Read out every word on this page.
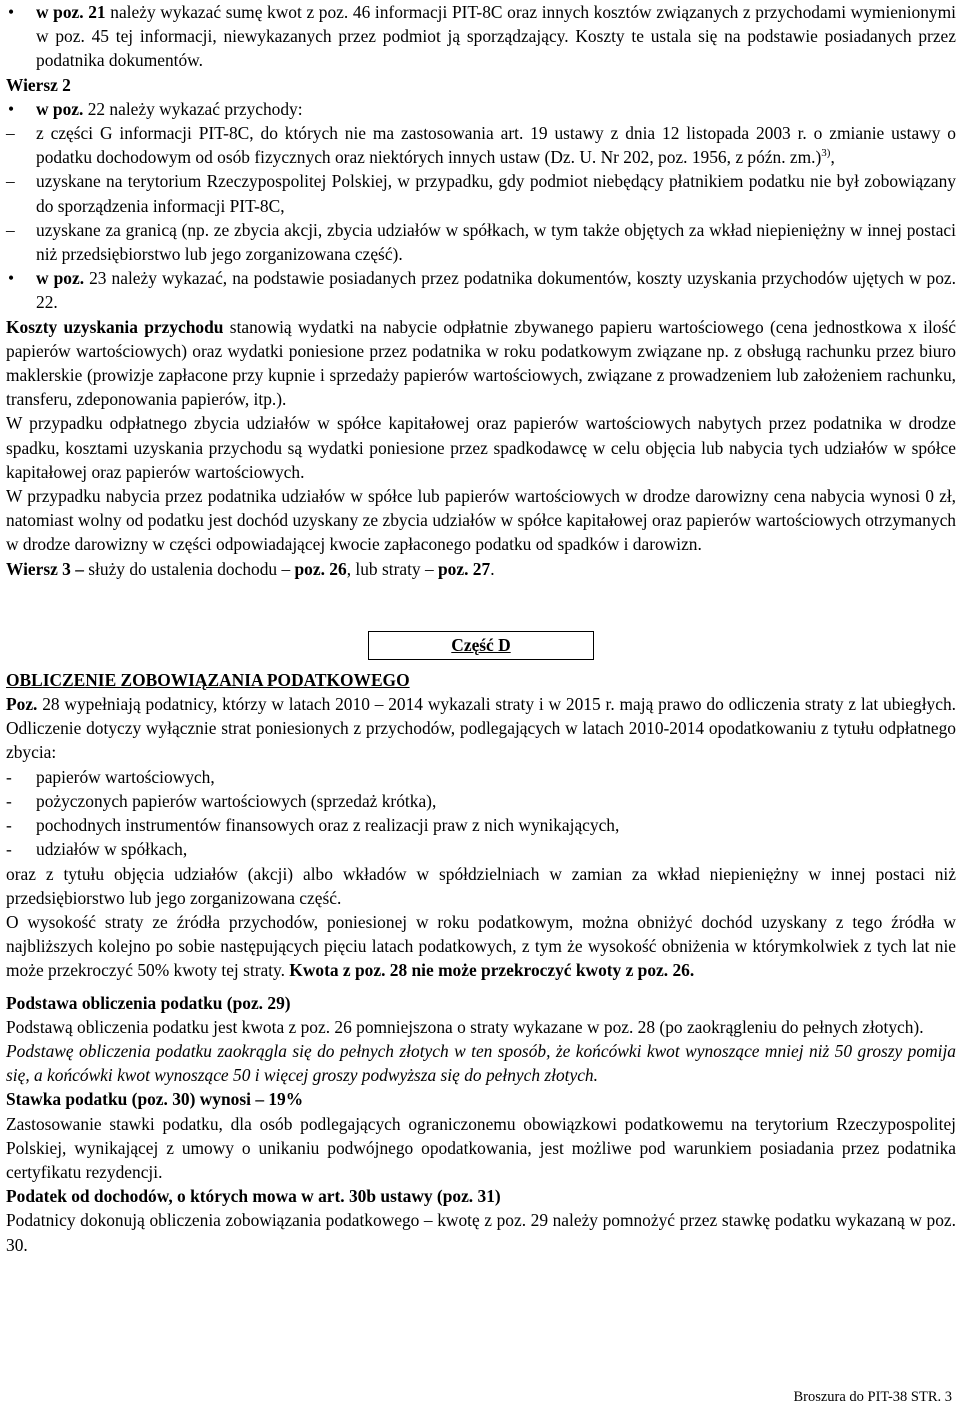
• w poz. 21 należy wykazać sumę kwot z poz. 46 informacji PIT-8C oraz innych kosztów związanych z przychodami wymienionymi w poz. 45 tej informacji, niewykazanych przez podmiot ją sporządzający. Koszty te ustala się na podstawie posiadanych przez podatnika dokumentów.

Wiersz 2

• w poz. 22 należy wykazać przychody:
–	z części G informacji PIT-8C, do których nie ma zastosowania art. 19 ustawy z dnia 12 listopada 2003 r. o zmianie ustawy o podatku dochodowym od osób fizycznych oraz niektórych innych ustaw (Dz. U. Nr 202, poz. 1956, z późn. zm.)$^{3)}$,
–	uzyskane na terytorium Rzeczypospolitej Polskiej, w przypadku, gdy podmiot niebędący płatnikiem podatku nie był zobowiązany do sporządzenia informacji PIT-8C,
–	uzyskane za granicą (np. ze zbycia akcji, zbycia udziałów w spółkach, w tym także objętych za wkład niepieniężny w innej postaci niż przedsiębiorstwo lub jego zorganizowana część).
• w poz. 23 należy wykazać, na podstawie posiadanych przez podatnika dokumentów, koszty uzyskania przychodów ujętych w poz. 22.

Koszty uzyskania przychodu stanowią wydatki na nabycie odpłatnie zbywanego papieru wartościowego (cena jednostkowa x ilość papierów wartościowych) oraz wydatki poniesione przez podatnika w roku podatkowym związane np. z obsługą rachunku przez biuro maklerskie (prowizje zapłacone przy kupnie i sprzedaży papierów wartościowych, związane z prowadzeniem lub założeniem rachunku, transferu, zdeponowania papierów, itp.).

W przypadku odpłatnego zbycia udziałów w spółce kapitałowej oraz papierów wartościowych nabytych przez podatnika w drodze spadku, kosztami uzyskania przychodu są wydatki poniesione przez spadkodawcę w celu objęcia lub nabycia tych udziałów w spółce kapitałowej oraz papierów wartościowych.

W przypadku nabycia przez podatnika udziałów w spółce lub papierów wartościowych w drodze darowizny cena nabycia wynosi 0 zł, natomiast wolny od podatku jest dochód uzyskany ze zbycia udziałów w spółce kapitałowej oraz papierów wartościowych otrzymanych w drodze darowizny w części odpowiadającej kwocie zapłaconego podatku od spadków i darowizn.

Wiersz 3 – służy do ustalenia dochodu – poz. 26, lub straty – poz. 27.

Część D

OBLICZENIE ZOBOWIĄZANIA PODATKOWEGO

Poz. 28 wypełniają podatnicy, którzy w latach 2010 – 2014 wykazali straty i w 2015 r. mają prawo do odliczenia straty z lat ubiegłych. Odliczenie dotyczy wyłącznie strat poniesionych z przychodów, podlegających w latach 2010-2014 opodatkowaniu z tytułu odpłatnego zbycia:

- papierów wartościowych,
- pożyczonych papierów wartościowych (sprzedaż krótka),
- pochodnych instrumentów finansowych oraz z realizacji praw z nich wynikających,
- udziałów w spółkach,

oraz z tytułu objęcia udziałów (akcji) albo wkładów w spółdzielniach w zamian za wkład niepieniężny w innej postaci niż przedsiębiorstwo lub jego zorganizowana część.

O wysokość straty ze źródła przychodów, poniesionej w roku podatkowym, można obniżyć dochód uzyskany z tego źródła w najbliższych kolejno po sobie następujących pięciu latach podatkowych, z tym że wysokość obniżenia w którymkolwiek z tych lat nie może przekroczyć 50% kwoty tej straty. Kwota z poz. 28 nie może przekroczyć kwoty z poz. 26.

Podstawa obliczenia podatku (poz. 29)

Podstawą obliczenia podatku jest kwota z poz. 26 pomniejszona o straty wykazane w poz. 28 (po zaokrągleniu do pełnych złotych).

Podstawę obliczenia podatku zaokrągla się do pełnych złotych w ten sposób, że końcówki kwot wynoszące mniej niż 50 groszy pomija się, a końcówki kwot wynoszące 50 i więcej groszy podwyższa się do pełnych złotych.

Stawka podatku (poz. 30) wynosi – 19%

Zastosowanie stawki podatku, dla osób podlegających ograniczonemu obowiązkowi podatkowemu na terytorium Rzeczypospolitej Polskiej, wynikającej z umowy o unikaniu podwójnego opodatkowania, jest możliwe pod warunkiem posiadania przez podatnika certyfikatu rezydencji.

Podatek od dochodów, o których mowa w art. 30b ustawy (poz. 31)

Podatnicy dokonują obliczenia zobowiązania podatkowego – kwotę z poz. 29 należy pomnożyć przez stawkę podatku wykazaną w poz. 30.

Broszura do PIT-38 STR. 3
